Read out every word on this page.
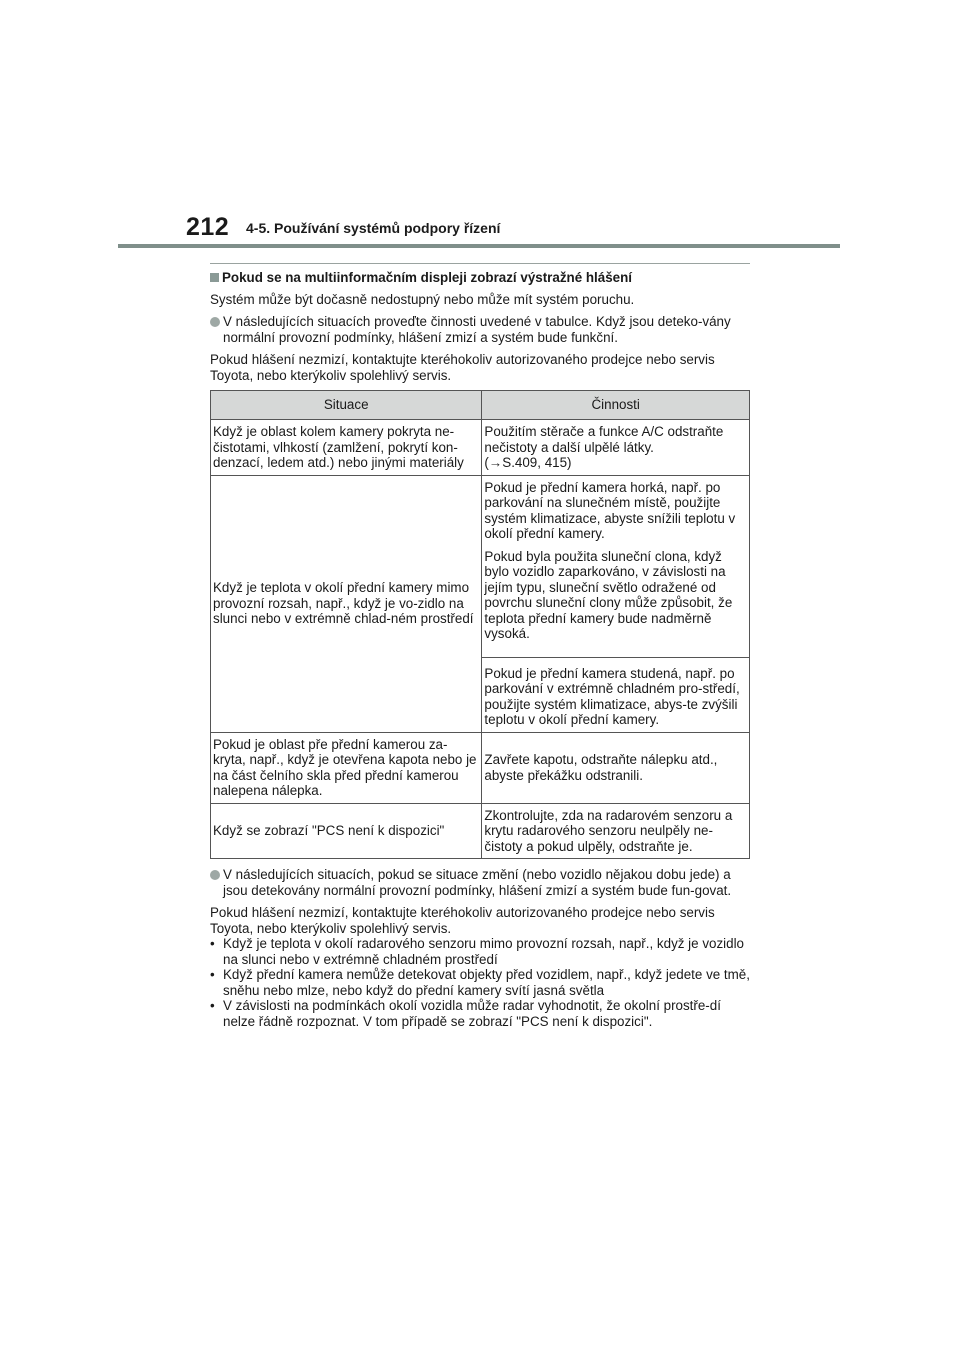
212 4-5. Používání systémů podpory řízení
Pokud se na multiinformačním displeji zobrazí výstražné hlášení
Systém může být dočasně nedostupný nebo může mít systém poruchu.
V následujících situacích proveďte činnosti uvedené v tabulce. Když jsou deteko-vány normální provozní podmínky, hlášení zmizí a systém bude funkční.
Pokud hlášení nezmizí, kontaktujte kteréhokoliv autorizovaného prodejce nebo servis Toyota, nebo kterýkoliv spolehlivý servis.
Situace	Činnosti
Když je oblast kolem kamery pokryta ne-čistotami, vlhkostí (zamlžení, pokrytí kon-denzací, ledem atd.) nebo jinými materiály	Použitím stěrače a funkce A/C odstraňte nečistoty a další ulpělé látky.
(→S.409, 415)

Když je teplota v okolí přední kamery mimo provozní rozsah, např., když je vo-zidlo na slunci nebo v extrémně chlad-ném prostředí	Pokud je přední kamera horká, např. po parkování na slunečném místě, použijte systém klimatizace, abyste snížili teplotu v okolí přední kamery.
Pokud byla použita sluneční clona, když bylo vozidlo zaparkováno, v závislosti na jejím typu, sluneční světlo odražené od povrchu sluneční clony může způsobit, že teplota přední kamery bude nadměrně vysoká.
Pokud je přední kamera studená, např. po parkování v extrémně chladném pro-středí, použijte systém klimatizace, abys-te zvýšili teplotu v okolí přední kamery.

Pokud je oblast pře přední kamerou za-kryta, např., když je otevřena kapota nebo je na část čelního skla před přední kamerou nalepena nálepka.	Zavřete kapotu, odstraňte nálepku atd., abyste překážku odstranili.
Když se zobrazí "PCS není k dispozici"	Zkontrolujte, zda na radarovém senzoru a krytu radarového senzoru neulpěly ne-čistoty a pokud ulpěly, odstraňte je.
V následujících situacích, pokud se situace změní (nebo vozidlo nějakou dobu jede) a jsou detekovány normální provozní podmínky, hlášení zmizí a systém bude fun-govat.
Pokud hlášení nezmizí, kontaktujte kteréhokoliv autorizovaného prodejce nebo servis Toyota, nebo kterýkoliv spolehlivý servis.
• Když je teplota v okolí radarového senzoru mimo provozní rozsah, např., když je vozidlo na slunci nebo v extrémně chladném prostředí
• Když přední kamera nemůže detekovat objekty před vozidlem, např., když jedete ve tmě, sněhu nebo mlze, nebo když do přední kamery svítí jasná světla
• V závislosti na podmínkách okolí vozidla může radar vyhodnotit, že okolní prostře-dí nelze řádně rozpoznat. V tom případě se zobrazí "PCS není k dispozici".
